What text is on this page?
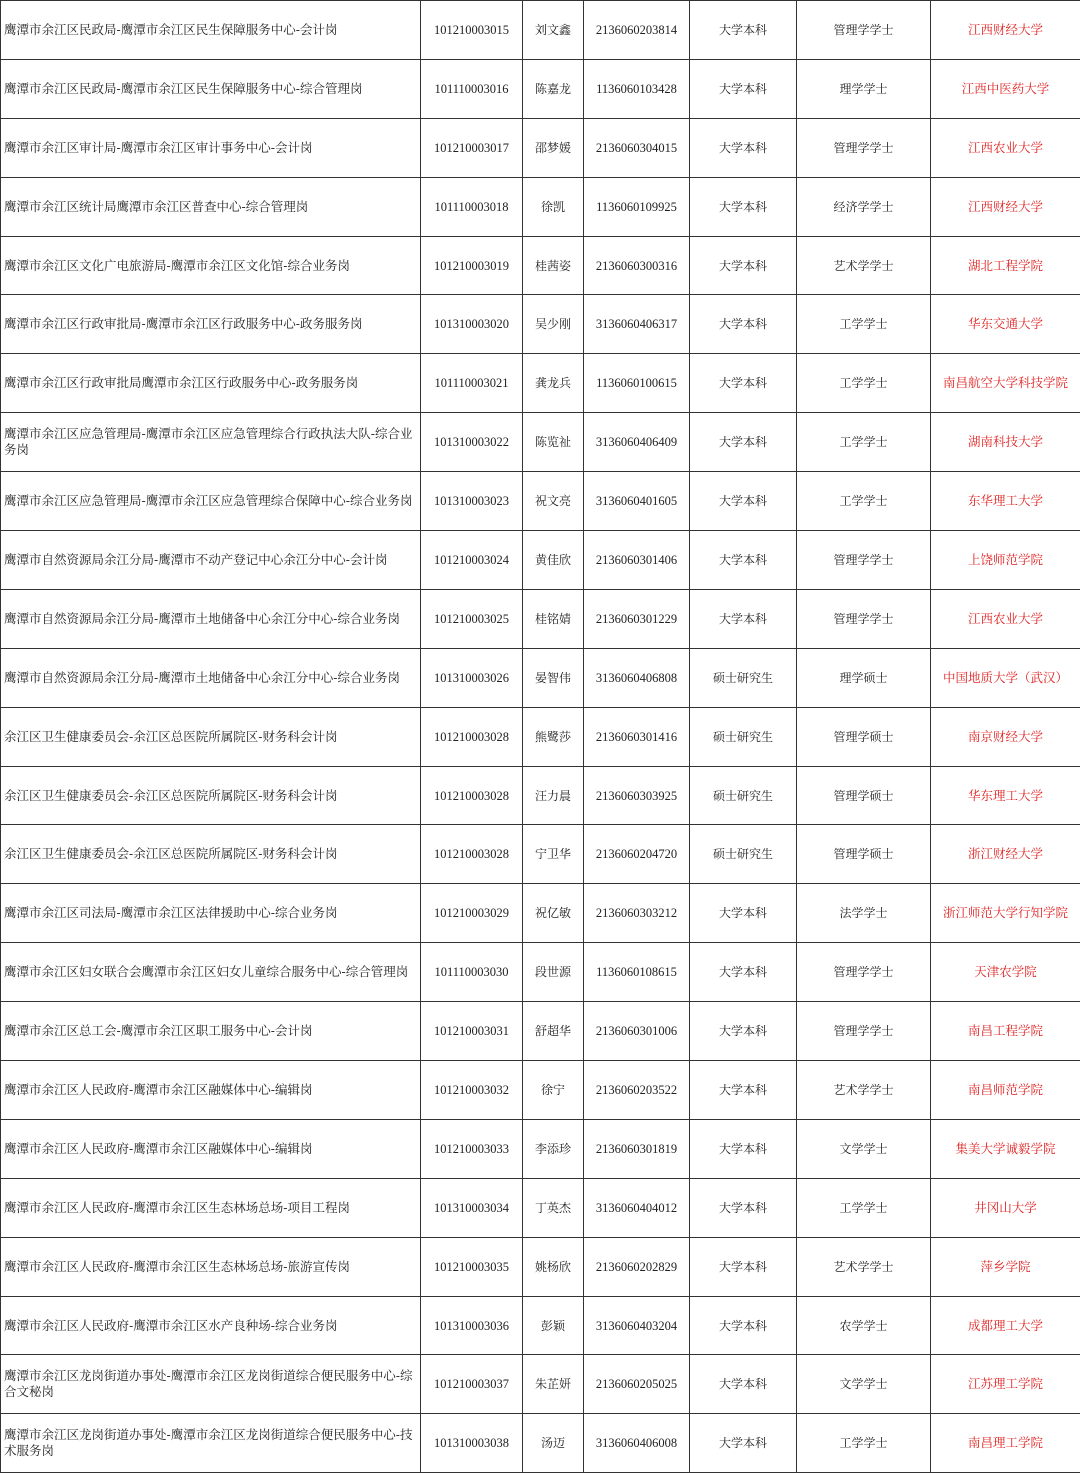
鹰潭市余江区民政局-鹰潭市余江区民生保障服务中心-会计岗	101210003015	刘文鑫	2136060203814	大学本科	管理学学士	江西财经大学
鹰潭市余江区民政局-鹰潭市余江区民生保障服务中心-综合管理岗	101110003016	陈嘉龙	1136060103428	大学本科	理学学士	江西中医药大学
鹰潭市余江区审计局-鹰潭市余江区审计事务中心-会计岗	101210003017	邵梦媛	2136060304015	大学本科	管理学学士	江西农业大学
鹰潭市余江区统计局鹰潭市余江区普查中心-综合管理岗	101110003018	徐凯	1136060109925	大学本科	经济学学士	江西财经大学
鹰潭市余江区文化广电旅游局-鹰潭市余江区文化馆-综合业务岗	101210003019	桂茜姿	2136060300316	大学本科	艺术学学士	湖北工程学院
鹰潭市余江区行政审批局-鹰潭市余江区行政服务中心-政务服务岗	101310003020	吴少刚	3136060406317	大学本科	工学学士	华东交通大学
鹰潭市余江区行政审批局鹰潭市余江区行政服务中心-政务服务岗	101110003021	龚龙兵	1136060100615	大学本科	工学学士	南昌航空大学科技学院
鹰潭市余江区应急管理局-鹰潭市余江区应急管理综合行政执法大队-综合业务岗	101310003022	陈览祉	3136060406409	大学本科	工学学士	湖南科技大学
鹰潭市余江区应急管理局-鹰潭市余江区应急管理综合保障中心-综合业务岗	101310003023	祝文亮	3136060401605	大学本科	工学学士	东华理工大学
鹰潭市自然资源局余江分局-鹰潭市不动产登记中心余江分中心-会计岗	101210003024	黄佳欣	2136060301406	大学本科	管理学学士	上饶师范学院
鹰潭市自然资源局余江分局-鹰潭市土地储备中心余江分中心-综合业务岗	101210003025	桂铭婧	2136060301229	大学本科	管理学学士	江西农业大学
鹰潭市自然资源局余江分局-鹰潭市土地储备中心余江分中心-综合业务岗	101310003026	晏智伟	3136060406808	硕士研究生	理学硕士	中国地质大学（武汉）
余江区卫生健康委员会-余江区总医院所属院区-财务科会计岗	101210003028	熊鹭莎	2136060301416	硕士研究生	管理学硕士	南京财经大学
余江区卫生健康委员会-余江区总医院所属院区-财务科会计岗	101210003028	汪力晨	2136060303925	硕士研究生	管理学硕士	华东理工大学
余江区卫生健康委员会-余江区总医院所属院区-财务科会计岗	101210003028	宁卫华	2136060204720	硕士研究生	管理学硕士	浙江财经大学
鹰潭市余江区司法局-鹰潭市余江区法律援助中心-综合业务岗	101210003029	祝亿敏	2136060303212	大学本科	法学学士	浙江师范大学行知学院
鹰潭市余江区妇女联合会鹰潭市余江区妇女儿童综合服务中心-综合管理岗	101110003030	段世源	1136060108615	大学本科	管理学学士	天津农学院
鹰潭市余江区总工会-鹰潭市余江区职工服务中心-会计岗	101210003031	舒超华	2136060301006	大学本科	管理学学士	南昌工程学院
鹰潭市余江区人民政府-鹰潭市余江区融媒体中心-编辑岗	101210003032	徐宁	2136060203522	大学本科	艺术学学士	南昌师范学院
鹰潭市余江区人民政府-鹰潭市余江区融媒体中心-编辑岗	101210003033	李添珍	2136060301819	大学本科	文学学士	集美大学诚毅学院
鹰潭市余江区人民政府-鹰潭市余江区生态林场总场-项目工程岗	101310003034	丁英杰	3136060404012	大学本科	工学学士	井冈山大学
鹰潭市余江区人民政府-鹰潭市余江区生态林场总场-旅游宣传岗	101210003035	姚杨欣	2136060202829	大学本科	艺术学学士	萍乡学院
鹰潭市余江区人民政府-鹰潭市余江区水产良种场-综合业务岗	101310003036	彭颖	3136060403204	大学本科	农学学士	成都理工大学
鹰潭市余江区龙岗街道办事处-鹰潭市余江区龙岗街道综合便民服务中心-综合文秘岗	101210003037	朱芷妍	2136060205025	大学本科	文学学士	江苏理工学院
鹰潭市余江区龙岗街道办事处-鹰潭市余江区龙岗街道综合便民服务中心-技术服务岗	101310003038	汤迈	3136060406008	大学本科	工学学士	南昌理工学院
